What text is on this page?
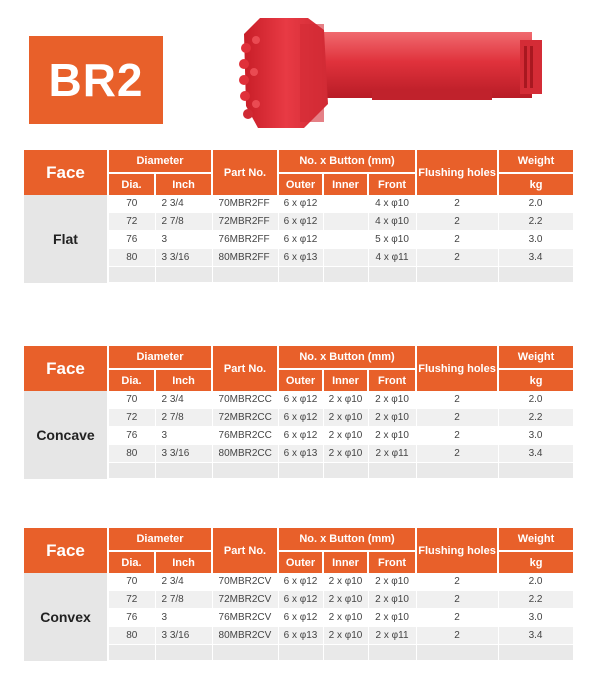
BR2
Face	Diameter		Part No.	No. x Button (mm)			Flushing holes	Weight
	Dia.	Inch		Outer	Inner	Front		kg
Flat	70	2 3/4	70MBR2FF	6 x φ12		4 x φ10	2	2.0
	72	2 7/8	72MBR2FF	6 x φ12		4 x φ10	2	2.2
	76	3	76MBR2FF	6 x φ12		5 x φ10	2	3.0
	80	3 3/16	80MBR2FF	6 x φ13		4 x φ11	2	3.4

Face	Diameter		Part No.	No. x Button (mm)			Flushing holes	Weight
	Dia.	Inch		Outer	Inner	Front		kg
Concave	70	2 3/4	70MBR2CC	6 x φ12	2 x φ10	2 x φ10	2	2.0
	72	2 7/8	72MBR2CC	6 x φ12	2 x φ10	2 x φ10	2	2.2
	76	3	76MBR2CC	6 x φ12	2 x φ10	2 x φ10	2	3.0
	80	3 3/16	80MBR2CC	6 x φ13	2 x φ10	2 x φ11	2	3.4

Face	Diameter		Part No.	No. x Button (mm)			Flushing holes	Weight
	Dia.	Inch		Outer	Inner	Front		kg
Convex	70	2 3/4	70MBR2CV	6 x φ12	2 x φ10	2 x φ10	2	2.0
	72	2 7/8	72MBR2CV	6 x φ12	2 x φ10	2 x φ10	2	2.2
	76	3	76MBR2CV	6 x φ12	2 x φ10	2 x φ10	2	3.0
	80	3 3/16	80MBR2CV	6 x φ13	2 x φ10	2 x φ11	2	3.4
